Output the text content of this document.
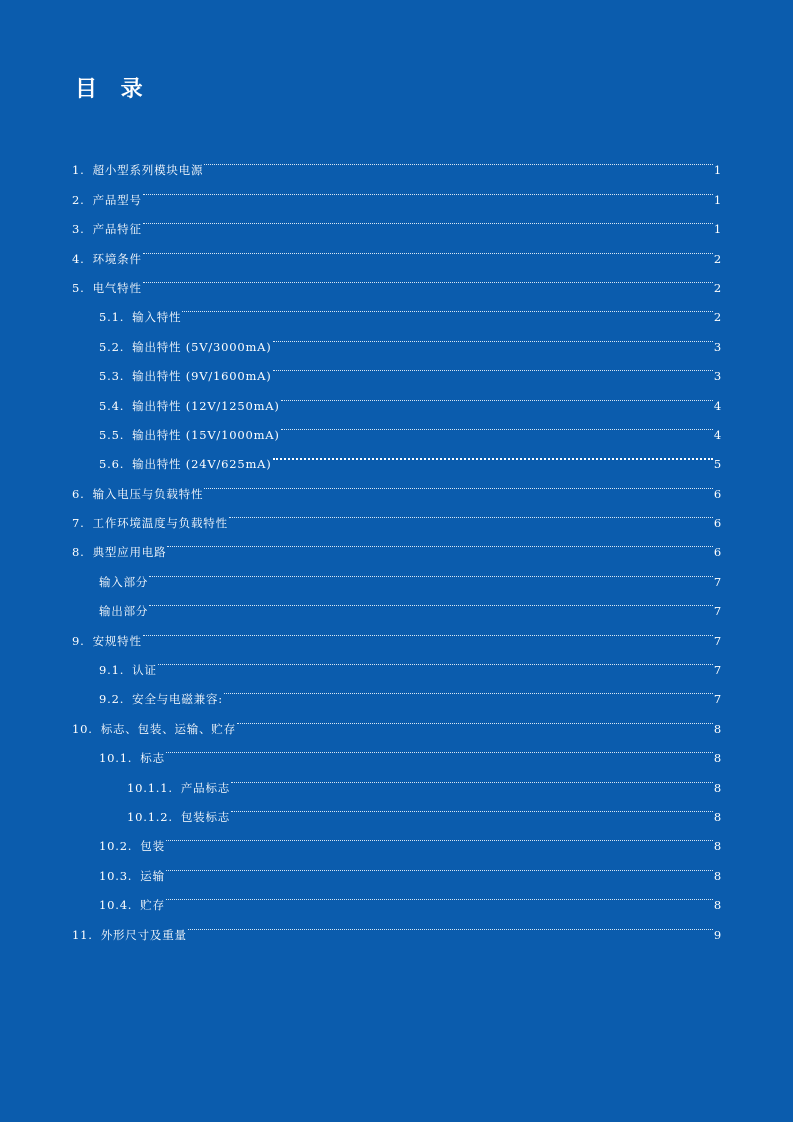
目 录
1. 超小型系列模块电源	1
2. 产品型号	1
3. 产品特征	1
4. 环境条件	2
5. 电气特性	2
5.1. 输入特性	2
5.2. 输出特性 (5V/3000mA)	3
5.3. 输出特性 (9V/1600mA)	3
5.4. 输出特性 (12V/1250mA)	4
5.5. 输出特性 (15V/1000mA)	4
5.6. 输出特性 (24V/625mA)	5
6. 输入电压与负载特性	6
7. 工作环境温度与负载特性	6
8. 典型应用电路	6
输入部分	7
输出部分	7
9. 安规特性	7
9.1. 认证	7
9.2. 安全与电磁兼容:	7
10. 标志、包装、运输、贮存	8
10.1. 标志	8
10.1.1. 产品标志	8
10.1.2. 包装标志	8
10.2. 包装	8
10.3. 运输	8
10.4. 贮存	8
11. 外形尺寸及重量	9
